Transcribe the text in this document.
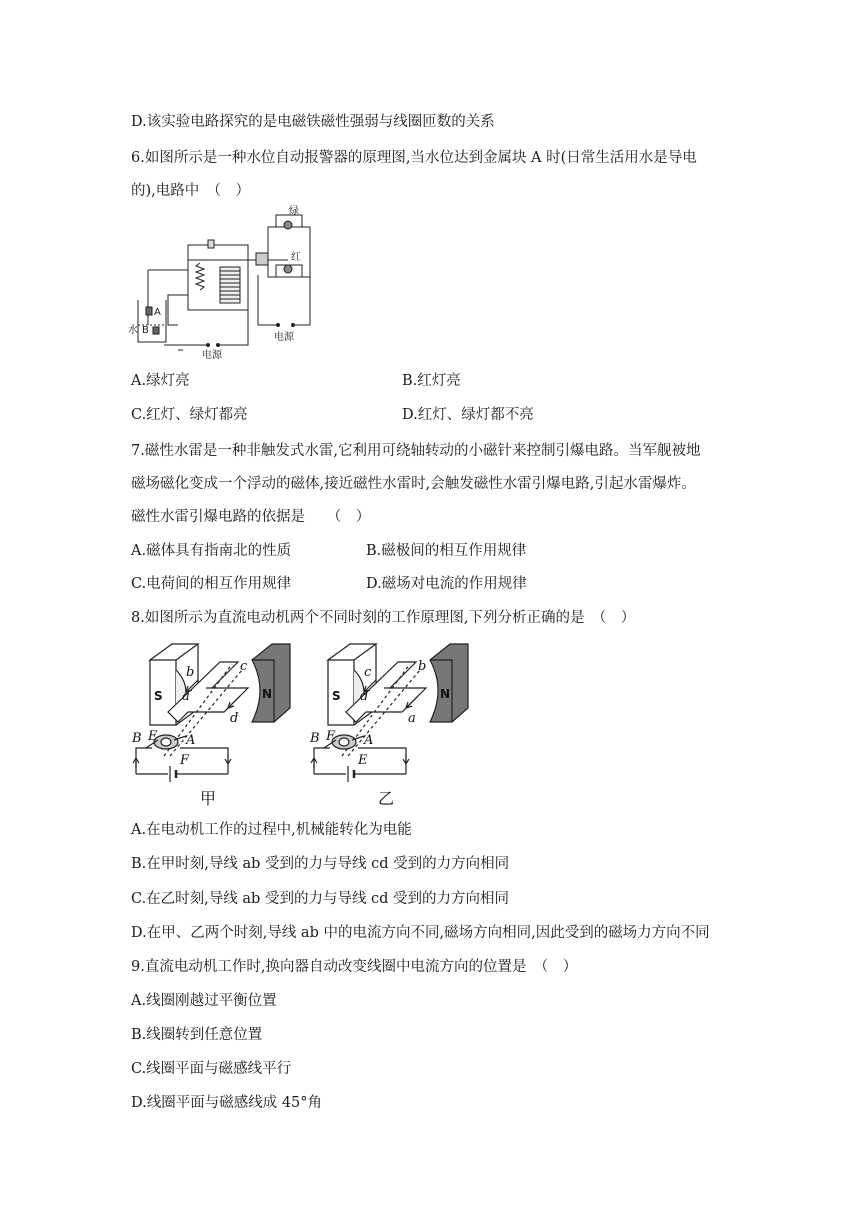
D.该实验电路探究的是电磁铁磁性强弱与线圈匝数的关系
6.如图所示是一种水位自动报警器的原理图,当水位达到金属块 A 时(日常生活用水是导电
的),电路中　（　）
绿
红
水
A
B
电源
电源
A.绿灯亮	B.红灯亮
C.红灯、绿灯都亮	D.红灯、绿灯都不亮
7.磁性水雷是一种非触发式水雷,它利用可绕轴转动的小磁针来控制引爆电路。当军舰被地
磁场磁化变成一个浮动的磁体,接近磁性水雷时,会触发磁性水雷引爆电路,引起水雷爆炸。
磁性水雷引爆电路的依据是　　（　）
A.磁体具有指南北的性质	B.磁极间的相互作用规律
C.电荷间的相互作用规律	D.磁场对电流的作用规律
8.如图所示为直流电动机两个不同时刻的工作原理图,下列分析正确的是　（　）
S	N
b	c
a
d
B E A
F
甲
S	N
c	b
d
a
B F A
E
乙
A.在电动机工作的过程中,机械能转化为电能
B.在甲时刻,导线 ab 受到的力与导线 cd 受到的力方向相同
C.在乙时刻,导线 ab 受到的力与导线 cd 受到的力方向相同
D.在甲、乙两个时刻,导线 ab 中的电流方向不同,磁场方向相同,因此受到的磁场力方向不同
9.直流电动机工作时,换向器自动改变线圈中电流方向的位置是　（　）
A.线圈刚越过平衡位置
B.线圈转到任意位置
C.线圈平面与磁感线平行
D.线圈平面与磁感线成 45°角
